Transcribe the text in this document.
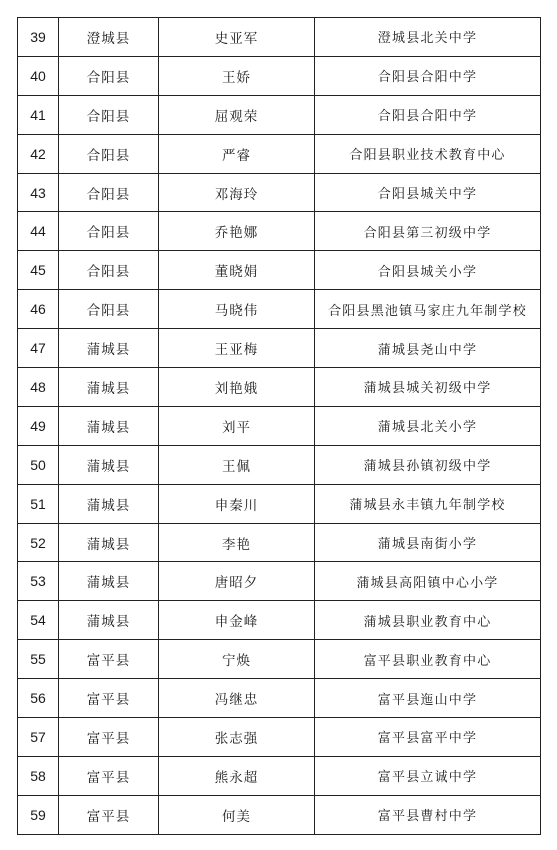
39	澄城县	史亚军	澄城县北关中学
40	合阳县	王娇	合阳县合阳中学
41	合阳县	屈观荣	合阳县合阳中学
42	合阳县	严睿	合阳县职业技术教育中心
43	合阳县	邓海玲	合阳县城关中学
44	合阳县	乔艳娜	合阳县第三初级中学
45	合阳县	董晓娟	合阳县城关小学
46	合阳县	马晓伟	合阳县黑池镇马家庄九年制学校
47	蒲城县	王亚梅	蒲城县尧山中学
48	蒲城县	刘艳娥	蒲城县城关初级中学
49	蒲城县	刘平	蒲城县北关小学
50	蒲城县	王佩	蒲城县孙镇初级中学
51	蒲城县	申秦川	蒲城县永丰镇九年制学校
52	蒲城县	李艳	蒲城县南街小学
53	蒲城县	唐昭夕	蒲城县高阳镇中心小学
54	蒲城县	申金峰	蒲城县职业教育中心
55	富平县	宁焕	富平县职业教育中心
56	富平县	冯继忠	富平县迤山中学
57	富平县	张志强	富平县富平中学
58	富平县	熊永超	富平县立诚中学
59	富平县	何美	富平县曹村中学
